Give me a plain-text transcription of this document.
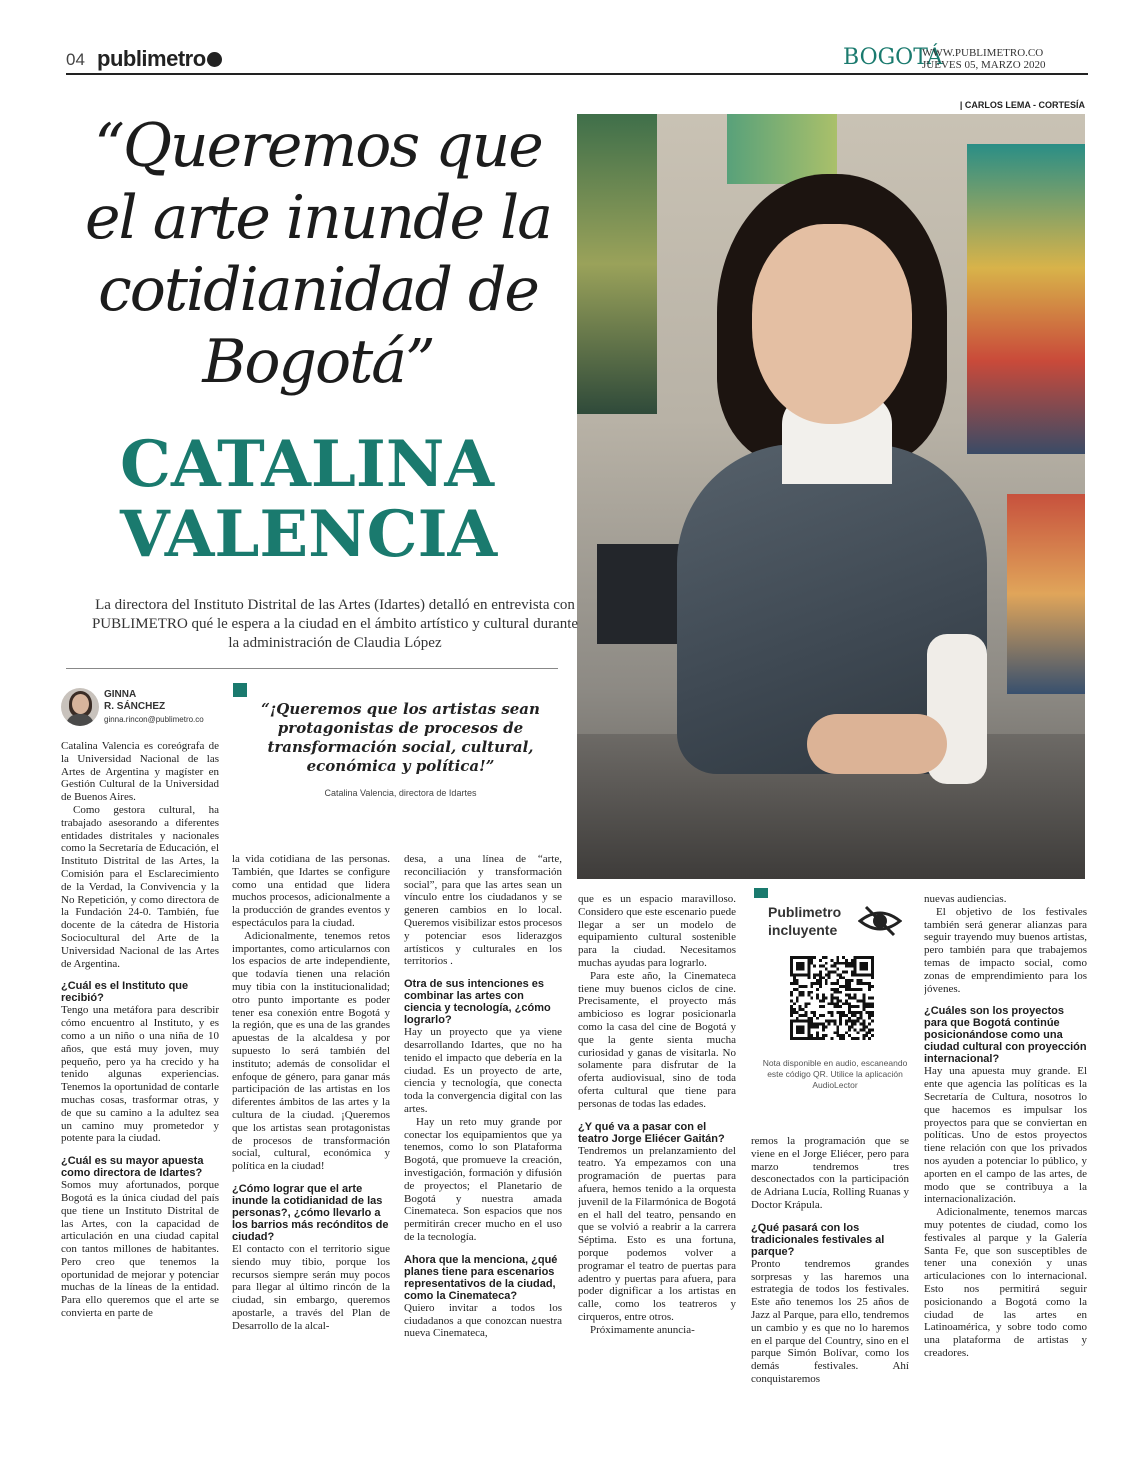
04 publimetro	BOGOTÁ
WWW.PUBLIMETRO.CO
JUEVES 05, MARZO 2020
| CARLOS LEMA - CORTESÍA
“Queremos que el arte inunde la cotidianidad de Bogotá”
CATALINA
VALENCIA
La directora del Instituto Distrital de las Artes (Idartes) detalló en entrevista con PUBLIMETRO qué le espera a la ciudad en el ámbito artístico y cultural durante la administración de Claudia López
GINNA
R. SÁNCHEZ
ginna.rincon@publimetro.co
“¡Queremos que los artistas sean protagonistas de procesos de transformación social, cultural, económica y política!”
Catalina Valencia, directora de Idartes

Catalina Valencia es coreógrafa de la Universidad Nacional de las Artes de Argentina y magíster en Gestión Cultural de la Universidad de Buenos Aires.

Como gestora cultural, ha trabajado asesorando a diferentes entidades distritales y nacionales como la Secretaría de Educación, el Instituto Distrital de las Artes, la Comisión para el Esclarecimiento de la Verdad, la Convivencia y la No Repetición, y como directora de la Fundación 24-0. También, fue docente de la cátedra de Historia Sociocultural del Arte de la Universidad Nacional de las Artes de Argentina.

¿Cuál es el Instituto que recibió?

Tengo una metáfora para describir cómo encuentro al Instituto, y es como a un niño o una niña de 10 años, que está muy joven, muy pequeño, pero ya ha crecido y ha tenido algunas experiencias. Tenemos la oportunidad de contarle muchas cosas, trasformar otras, y de que su camino a la adultez sea un camino muy prometedor y potente para la ciudad.

¿Cuál es su mayor apuesta como directora de Idartes?

Somos muy afortunados, porque Bogotá es la única ciudad del país que tiene un Instituto Distrital de las Artes, con la capacidad de articulación en una ciudad capital con tantos millones de habitantes. Pero creo que tenemos la oportunidad de mejorar y potenciar muchas de la líneas de la entidad. Para ello queremos que el arte se convierta en parte de

la vida cotidiana de las personas. También, que Idartes se configure como una entidad que lidera muchos procesos, adicionalmente a la producción de grandes eventos y espectáculos para la ciudad.

Adicionalmente, tenemos retos importantes, como articularnos con los espacios de arte independiente, que todavía tienen una relación muy tibia con la institucionalidad; otro punto importante es poder tener esa conexión entre Bogotá y la región, que es una de las grandes apuestas de la alcaldesa y por supuesto lo será también del instituto; además de consolidar el enfoque de género, para ganar más participación de las artistas en los diferentes ámbitos de las artes y la cultura de la ciudad. ¡Queremos que los artistas sean protagonistas de procesos de transformación social, cultural, económica y política en la ciudad!

¿Cómo lograr que el arte inunde la cotidianidad de las personas?, ¿cómo llevarlo a los barrios más recónditos de ciudad?

El contacto con el territorio sigue siendo muy tibio, porque los recursos siempre serán muy pocos para llegar al último rincón de la ciudad, sin embargo, queremos apostarle, a través del Plan de Desarrollo de la alcal-

desa, a una línea de “arte, reconciliación y transformación social”, para que las artes sean un vínculo entre los ciudadanos y se generen cambios en lo local. Queremos visibilizar estos procesos y potenciar esos liderazgos artísticos y culturales en los territorios .

Otra de sus intenciones es combinar las artes con ciencia y tecnología, ¿cómo lograrlo?

Hay un proyecto que ya viene desarrollando Idartes, que no ha tenido el impacto que debería en la ciudad. Es un proyecto de arte, ciencia y tecnología, que conecta toda la convergencia digital con las artes.

Hay un reto muy grande por conectar los equipamientos que ya tenemos, como lo son Plataforma Bogotá, que promueve la creación, investigación, formación y difusión de proyectos; el Planetario de Bogotá y nuestra amada Cinemateca. Son espacios que nos permitirán crecer mucho en el uso de la tecnología.

Ahora que la menciona, ¿qué planes tiene para escenarios representativos de la ciudad, como la Cinemateca?

Quiero invitar a todos los ciudadanos a que conozcan nuestra nueva Cinemateca,

que es un espacio maravilloso. Considero que este escenario puede llegar a ser un modelo de equipamiento cultural sostenible para la ciudad. Necesitamos muchas ayudas para lograrlo.

Para este año, la Cinemateca tiene muy buenos ciclos de cine. Precisamente, el proyecto más ambicioso es lograr posicionarla como la casa del cine de Bogotá y que la gente sienta mucha curiosidad y ganas de visitarla. No solamente para disfrutar de la oferta audiovisual, sino de toda oferta cultural que tiene para personas de todas las edades.

¿Y qué va a pasar con el teatro Jorge Eliécer Gaitán?

Tendremos un prelanzamiento del teatro. Ya empezamos con una programación de puertas para afuera, hemos tenido a la orquesta juvenil de la Filarmónica de Bogotá en el hall del teatro, pensando en que se volvió a reabrir a la carrera Séptima. Esto es una fortuna, porque podemos volver a programar el teatro de puertas para adentro y puertas para afuera, para poder dignificar a los artistas en calle, como los teatreros y cirqueros, entre otros.

Próximamente anuncia-

remos la programación que se viene en el Jorge Eliécer, pero para marzo tendremos tres desconectados con la participación de Adriana Lucía, Rolling Ruanas y Doctor Krápula.

¿Qué pasará con los tradicionales festivales al parque?

Pronto tendremos grandes sorpresas y las haremos una estrategia de todos los festivales. Este año tenemos los 25 años de Jazz al Parque, para ello, tendremos un cambio y es que no lo haremos en el parque del Country, sino en el parque Simón Bolívar, como los demás festivales. Ahí conquistaremos

nuevas audiencias.

El objetivo de los festivales también será generar alianzas para seguir trayendo muy buenos artistas, pero también para que trabajemos temas de impacto social, como zonas de emprendimiento para los jóvenes.

¿Cuáles son los proyectos para que Bogotá continúe posicionándose como una ciudad cultural con proyección internacional?

Hay una apuesta muy grande. El ente que agencia las políticas es la Secretaría de Cultura, nosotros lo que hacemos es impulsar los proyectos para que se conviertan en políticas. Uno de estos proyectos tiene relación con que los privados nos ayuden a potenciar lo público, y aporten en el campo de las artes, de modo que se contribuya a la internacionalización.

Adicionalmente, tenemos marcas muy potentes de ciudad, como los festivales al parque y la Galería Santa Fe, que son susceptibles de tener una conexión y unas articulaciones con lo internacional. Esto nos permitirá seguir posicionando a Bogotá como la ciudad de las artes en Latinoamérica, y sobre todo como una plataforma de artistas y creadores.

Publimetro incluyente
Nota disponible en audio, escaneando este código QR. Utilice la aplicación AudioLector
